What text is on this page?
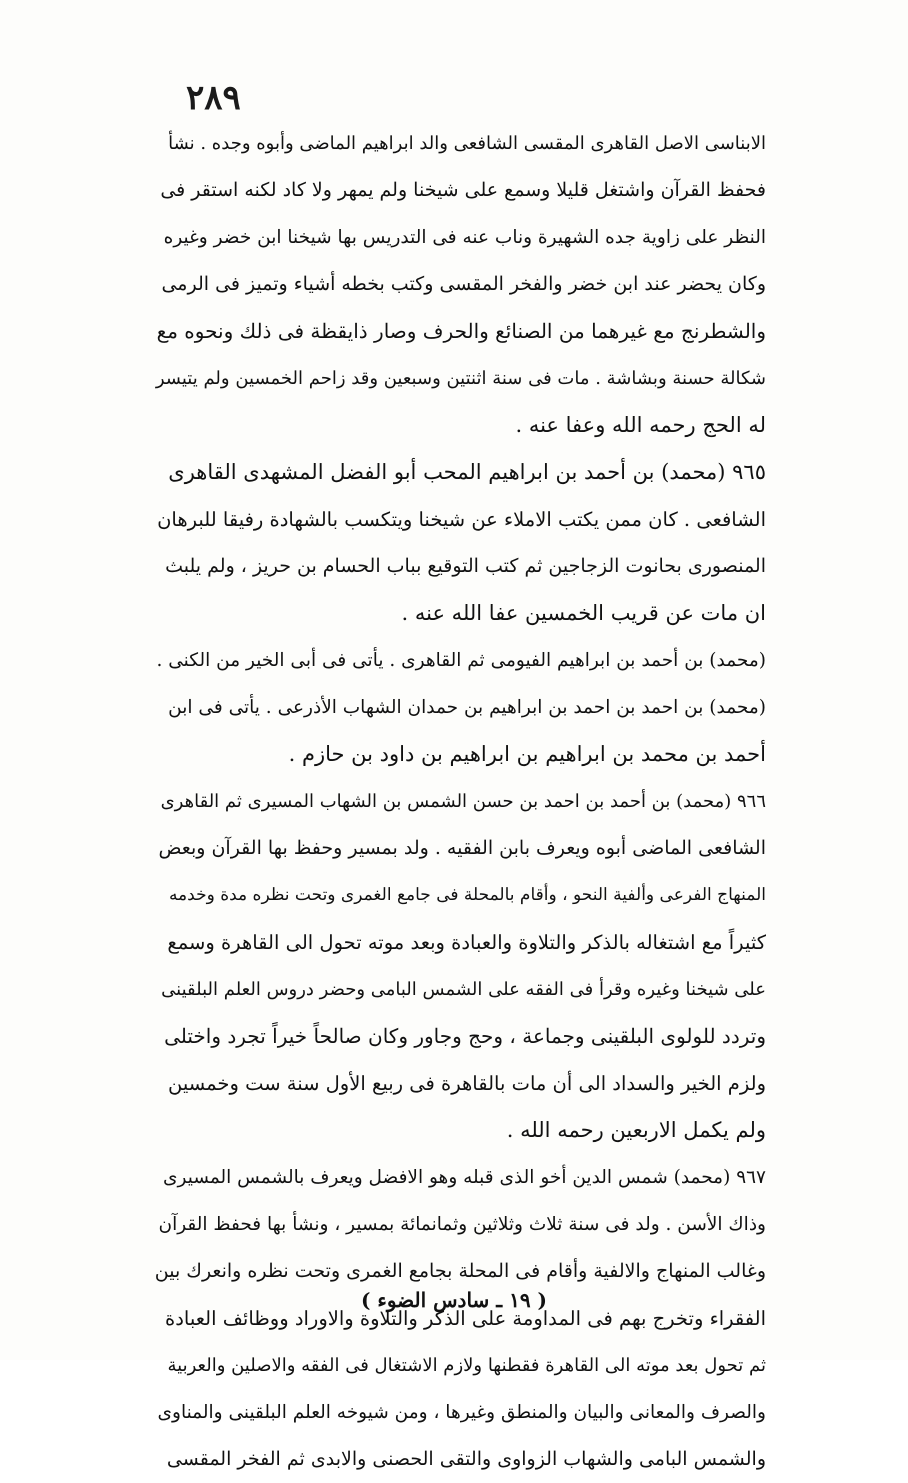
٢٨٩
الابناسى الاصل القاهرى المقسى الشافعى والد ابراهيم الماضى وأبوه وجده . نشأ
فحفظ القرآن واشتغل قليلا وسمع على شيخنا ولم يمهر ولا كاد لكنه استقر فى
النظر على زاوية جده الشهيرة وناب عنه فى التدريس بها شيخنا ابن خضر وغيره
وكان يحضر عند ابن خضر والفخر المقسى وكتب بخطه أشياء وتميز فى الرمى
والشطرنج مع غيرهما من الصنائع والحرف وصار ذايقظة فى ذلك ونحوه مع
شكالة حسنة وبشاشة . مات فى سنة اثنتين وسبعين وقد زاحم الخمسين ولم يتيسر
له الحج رحمه الله وعفا عنه .
٩٦٥ (محمد) بن أحمد بن ابراهيم المحب أبو الفضل المشهدى القاهرى
الشافعى . كان ممن يكتب الاملاء عن شيخنا ويتكسب بالشهادة رفيقا للبرهان
المنصورى بحانوت الزجاجين ثم كتب التوقيع بباب الحسام بن حريز ، ولم يلبث
ان مات عن قريب الخمسين عفا الله عنه .
(محمد) بن أحمد بن ابراهيم الفيومى ثم القاهرى . يأتى فى أبى الخير من الكنى .
(محمد) بن احمد بن احمد بن ابراهيم بن حمدان الشهاب الأذرعى . يأتى فى ابن
أحمد بن محمد بن ابراهيم بن ابراهيم بن داود بن حازم .
٩٦٦ (محمد) بن أحمد بن احمد بن حسن الشمس بن الشهاب المسيرى ثم القاهرى
الشافعى الماضى أبوه ويعرف بابن الفقيه . ولد بمسير وحفظ بها القرآن وبعض
المنهاج الفرعى وألفية النحو ، وأقام بالمحلة فى جامع الغمرى وتحت نظره مدة وخدمه
كثيراً مع اشتغاله بالذكر والتلاوة والعبادة وبعد موته تحول الى القاهرة وسمع
على شيخنا وغيره وقرأ فى الفقه على الشمس البامى وحضر دروس العلم البلقينى
وتردد للولوى البلقينى وجماعة ، وحج وجاور وكان صالحاً خيراً تجرد واختلى
ولزم الخير والسداد الى أن مات بالقاهرة فى ربيع الأول سنة ست وخمسين
ولم يكمل الاربعين رحمه الله .
٩٦٧ (محمد) شمس الدين أخو الذى قبله وهو الافضل ويعرف بالشمس المسيرى
وذاك الأسن . ولد فى سنة ثلاث وثلاثين وثمانمائة بمسير ، ونشأ بها فحفظ القرآن
وغالب المنهاج والالفية وأقام فى المحلة بجامع الغمرى وتحت نظره وانعرك بين
الفقراء وتخرج بهم فى المداومة على الذكر والتلاوة والاوراد ووظائف العبادة
ثم تحول بعد موته الى القاهرة فقطنها ولازم الاشتغال فى الفقه والاصلين والعربية
والصرف والمعانى والبيان والمنطق وغيرها ، ومن شيوخه العلم البلقينى والمناوى
والشمس البامى والشهاب الزواوى والتقى الحصنى والابدى ثم الفخر المقسى
( ١٩ ـ سادس الضوء )
